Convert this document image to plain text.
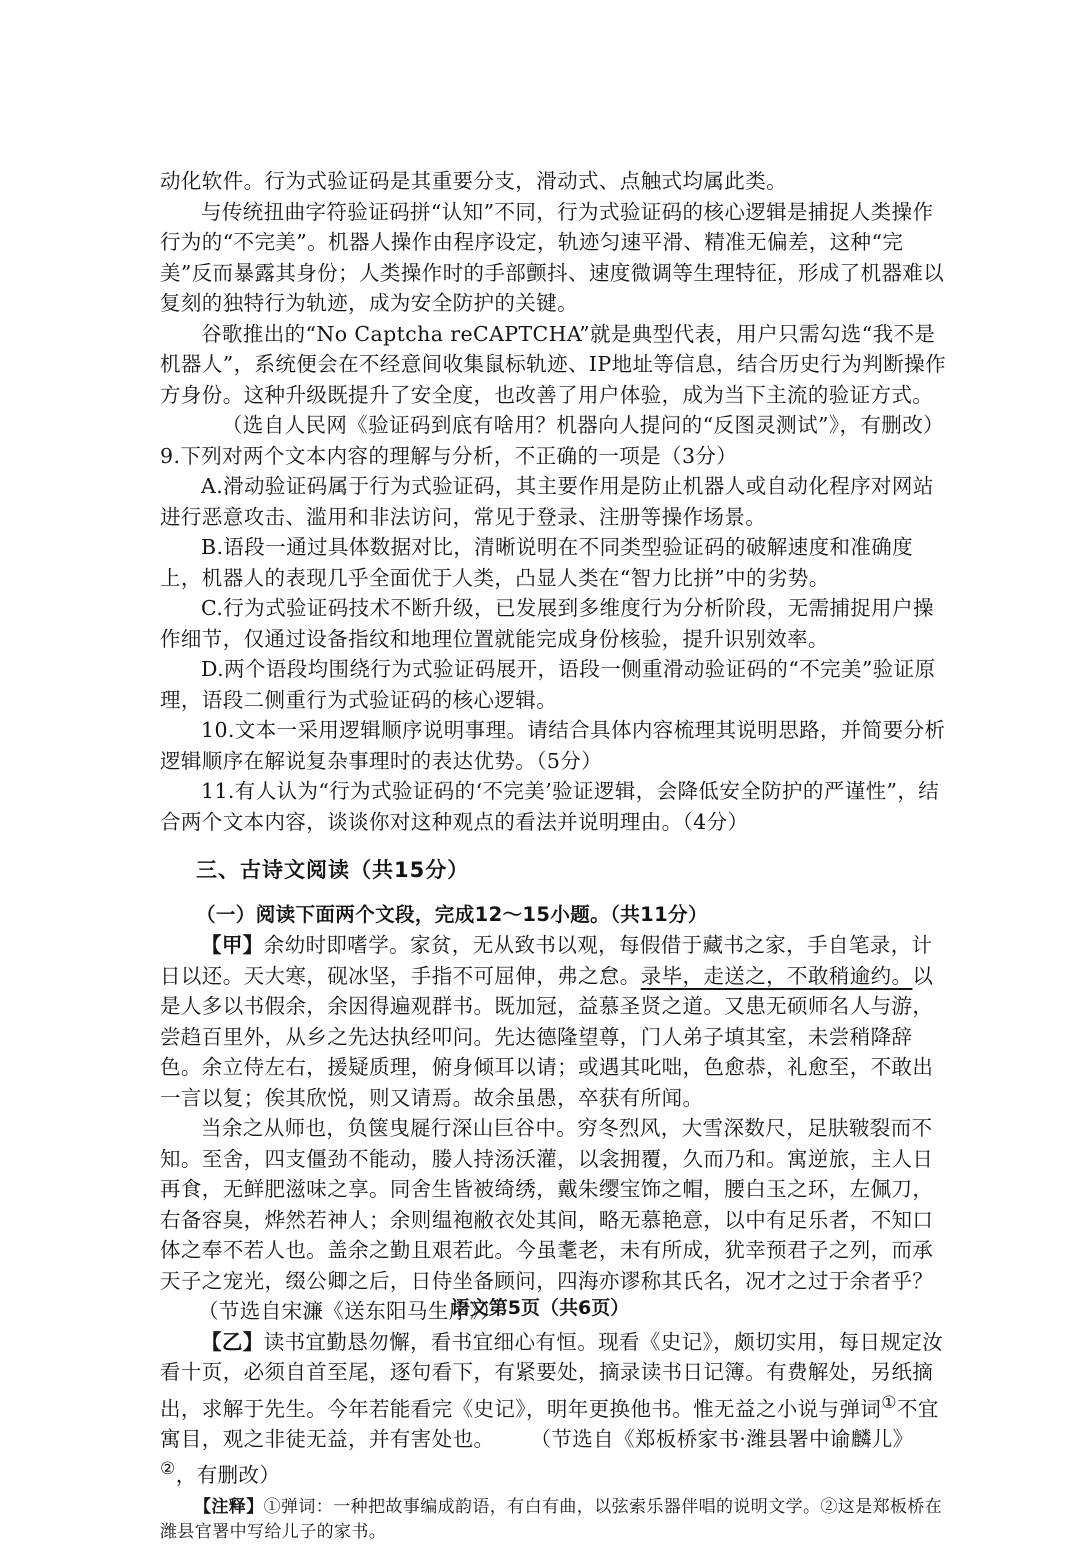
动化软件。行为式验证码是其重要分支，滑动式、点触式均属此类。

与传统扭曲字符验证码拼“认知”不同，行为式验证码的核心逻辑是捕捉人类操作行为的“不完美”。机器人操作由程序设定，轨迹匀速平滑、精准无偏差，这种“完美”反而暴露其身份；人类操作时的手部颤抖、速度微调等生理特征，形成了机器难以复刻的独特行为轨迹，成为安全防护的关键。

谷歌推出的“No Captcha reCAPTCHA”就是典型代表，用户只需勾选“我不是机器人”，系统便会在不经意间收集鼠标轨迹、IP地址等信息，结合历史行为判断操作方身份。这种升级既提升了安全度，也改善了用户体验，成为当下主流的验证方式。

（选自人民网《验证码到底有啥用？机器向人提问的“反图灵测试”》，有删改）

9.下列对两个文本内容的理解与分析，不正确的一项是（3分）

A.滑动验证码属于行为式验证码，其主要作用是防止机器人或自动化程序对网站进行恶意攻击、滥用和非法访问，常见于登录、注册等操作场景。

B.语段一通过具体数据对比，清晰说明在不同类型验证码的破解速度和准确度上，机器人的表现几乎全面优于人类，凸显人类在“智力比拼”中的劣势。

C.行为式验证码技术不断升级，已发展到多维度行为分析阶段，无需捕捉用户操作细节，仅通过设备指纹和地理位置就能完成身份核验，提升识别效率。

D.两个语段均围绕行为式验证码展开，语段一侧重滑动验证码的“不完美”验证原理，语段二侧重行为式验证码的核心逻辑。

10.文本一采用逻辑顺序说明事理。请结合具体内容梳理其说明思路，并简要分析逻辑顺序在解说复杂事理时的表达优势。（5分）

11.有人认为“行为式验证码的‘不完美’验证逻辑，会降低安全防护的严谨性”，结合两个文本内容，谈谈你对这种观点的看法并说明理由。（4分）

三、古诗文阅读（共15分）

（一）阅读下面两个文段，完成12～15小题。（共11分）

【甲】余幼时即嗜学。家贫，无从致书以观，每假借于藏书之家，手自笔录，计日以还。天大寒，砚冰坚，手指不可屈伸，弗之怠。录毕，走送之，不敢稍逾约。以是人多以书假余，余因得遍观群书。既加冠，益慕圣贤之道。又患无硕师名人与游，尝趋百里外，从乡之先达执经叩问。先达德隆望尊，门人弟子填其室，未尝稍降辞色。余立侍左右，援疑质理，俯身倾耳以请；或遇其叱咄，色愈恭，礼愈至，不敢出一言以复；俟其欣悦，则又请焉。故余虽愚，卒获有所闻。

当余之从师也，负箧曳屣行深山巨谷中。穷冬烈风，大雪深数尺，足肤皲裂而不知。至舍，四支僵劲不能动，媵人持汤沃灌，以衾拥覆，久而乃和。寓逆旅，主人日再食，无鲜肥滋味之享。同舍生皆被绮绣，戴朱缨宝饰之帽，腰白玉之环，左佩刀，右备容臭，烨然若神人；余则缊袍敝衣处其间，略无慕艳意，以中有足乐者，不知口体之奉不若人也。盖余之勤且艰若此。今虽耄老，未有所成，犹幸预君子之列，而承天子之宠光，缀公卿之后，日侍坐备顾问，四海亦谬称其氏名，况才之过于余者乎？（节选自宋濂《送东阳马生序》）

【乙】读书宜勤恳勿懈，看书宜细心有恒。现看《史记》，颇切实用，每日规定汝看十页，必须自首至尾，逐句看下，有紧要处，摘录读书日记簿。有费解处，另纸摘出，求解于先生。今年若能看完《史记》，明年更换他书。惟无益之小说与弹词①不宜寓目，观之非徒无益，并有害处也。 （节选自《郑板桥家书·潍县署中谕麟儿》②，有删改）

【注释】①弹词：一种把故事编成韵语，有白有曲，以弦索乐器伴唱的说明文学。②这是郑板桥在潍县官署中写给儿子的家书。

语文第5页（共6页）
